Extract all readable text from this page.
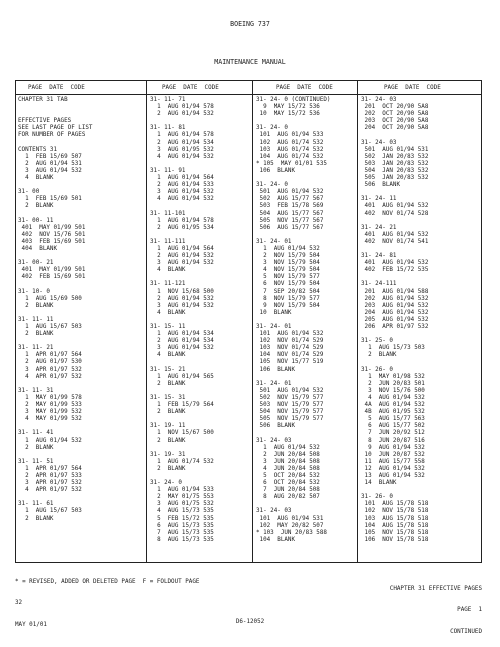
BOEING 737
MAINTENANCE MANUAL
PAGE  DATE  CODE	PAGE  DATE  CODE	PAGE  DATE  CODE	PAGE  DATE  CODE
CHAPTER 31 TAB
EFFECTIVE PAGES
SEE LAST PAGE OF LIST
FOR NUMBER OF PAGES
CONTENTS 31
1  FEB 15/69 507
2  AUG 01/94 531
3  AUG 01/94 532
4  BLANK
31- 00
1  FEB 15/69 501
2  BLANK
31- 00- 11
401  MAY 01/99 501
402  NOV 15/76 501
403  FEB 15/69 501
404  BLANK
31- 00- 21
401  MAY 01/99 501
402  FEB 15/69 501
31- 10- 0
1  AUG 15/69 500
2  BLANK
31- 11- 11
1  AUG 15/67 503
2  BLANK
31- 11- 21
1  APR 01/97 564
2  AUG 01/97 530
3  APR 01/97 532
4  APR 01/97 532
31- 11- 31
1  MAY 01/99 578
2  MAY 01/99 533
3  MAY 01/99 532
4  MAY 01/99 532
31- 11- 41
1  AUG 01/94 532
2  BLANK
31- 11- 51
1  APR 01/97 564
2  APR 01/97 533
3  APR 01/97 532
4  APR 01/97 532
31- 11- 61
1  AUG 15/67 503
2  BLANK
31- 11- 71
1  AUG 01/94 578
2  AUG 01/94 532
31- 11- 81
1  AUG 01/94 578
2  AUG 01/94 534
3  AUG 01/95 532
4  AUG 01/94 532
31- 11- 91
1  AUG 01/94 564
2  AUG 01/94 533
3  AUG 01/94 532
4  AUG 01/94 532
31- 11-101
1  AUG 01/94 578
2  AUG 01/95 534
31- 11-111
1  AUG 01/94 564
2  AUG 01/94 532
3  AUG 01/94 532
4  BLANK
31- 11-121
1  NOV 15/68 500
2  AUG 01/94 532
3  AUG 01/94 532
4  BLANK
31- 15- 11
1  AUG 01/94 534
2  AUG 01/94 534
3  AUG 01/94 532
4  BLANK
31- 15- 21
1  AUG 01/94 565
2  BLANK
31- 15- 31
1  FEB 15/79 564
2  BLANK
31- 19- 11
1  NOV 15/67 500
2  BLANK
31- 19- 31
1  AUG 01/74 532
2  BLANK
31- 24- 0
1  AUG 01/94 533
2  MAY 01/75 553
3  AUG 01/75 532
4  AUG 15/73 535
5  FEB 15/72 535
6  AUG 15/73 535
7  AUG 15/73 535
8  AUG 15/73 535
31- 24- 0 (CONTINUED)
9  MAY 15/72 536
10  MAY 15/72 536
31- 24- 0
101  AUG 01/94 533
102  AUG 01/74 532
103  AUG 01/74 532
104  AUG 01/74 532
* 105  MAY 01/01 535
106  BLANK
31- 24- 0
501  AUG 01/94 532
502  AUG 15/77 567
503  FEB 15/78 569
504  AUG 15/77 567
505  NOV 15/77 567
506  AUG 15/77 567
31- 24- 01
1  AUG 01/94 532
2  NOV 15/79 504
3  NOV 15/79 504
4  NOV 15/79 504
5  NOV 15/79 577
6  NOV 15/79 504
7  SEP 20/82 504
8  NOV 15/79 577
9  NOV 15/79 504
10  BLANK
31- 24- 01
101  AUG 01/94 532
102  NOV 01/74 529
103  NOV 01/74 529
104  NOV 01/74 529
105  NOV 15/77 519
106  BLANK
31- 24- 01
501  AUG 01/94 532
502  NOV 15/79 577
503  NOV 15/79 577
504  NOV 15/79 577
505  NOV 15/79 577
506  BLANK
31- 24- 03
1  AUG 01/94 532
2  JUN 20/84 508
3  JUN 20/84 508
4  JUN 20/84 508
5  OCT 20/84 532
6  OCT 20/84 532
7  JUN 20/84 508
8  AUG 20/82 507
31- 24- 03
101  AUG 01/94 531
102  MAY 20/82 507
* 103  JUN 20/83 588
104  BLANK
31- 24- 03
201  OCT 20/90 5A8
202  OCT 20/90 5A8
203  OCT 20/90 5A8
204  OCT 20/90 5A8
31- 24- 03
501  AUG 01/94 531
502  JAN 20/83 532
503  JAN 20/83 532
504  JAN 20/83 532
505  JAN 20/83 532
506  BLANK
31- 24- 11
401  AUG 01/94 532
402  NOV 01/74 528
31- 24- 21
401  AUG 01/94 532
402  NOV 01/74 541
31- 24- 81
401  AUG 01/94 532
402  FEB 15/72 535
31- 24-111
201  AUG 01/94 588
202  AUG 01/94 532
203  AUG 01/94 532
204  AUG 01/94 532
205  AUG 01/94 532
206  APR 01/97 532
31- 25- 0
1  AUG 15/73 503
2  BLANK
31- 26- 0
1  MAY 01/98 532
2  JUN 20/83 501
3  NOV 15/76 500
4  AUG 01/94 532
4A  AUG 01/94 532
4B  AUG 01/95 532
5  AUG 15/77 563
6  AUG 15/77 502
7  JUN 20/92 512
8  JUN 20/87 516
9  AUG 01/94 532
10  JUN 20/87 532
11  AUG 15/77 558
12  AUG 01/94 532
13  AUG 01/94 532
14  BLANK
31- 26- 0
101  AUG 15/78 518
102  NOV 15/78 518
103  AUG 15/78 518
104  AUG 15/78 518
105  NOV 15/78 518
106  NOV 15/78 518

* = REVISED, ADDED OR DELETED PAGE  F = FOLDOUT PAGE

32

MAY 01/01

CHAPTER 31 EFFECTIVE PAGES

PAGE  1

CONTINUED

D6-12052
